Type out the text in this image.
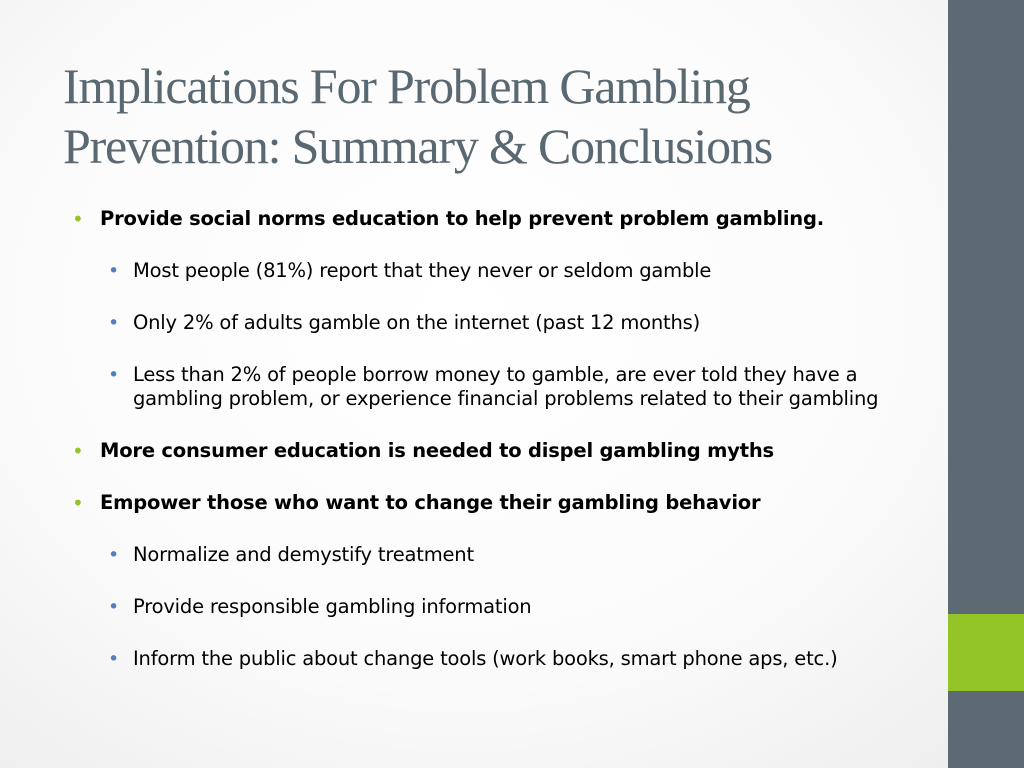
Implications For Problem Gambling
Prevention: Summary & Conclusions
• Provide social norms education to help prevent problem gambling.
• Most people (81%) report that they never or seldom gamble
• Only 2% of adults gamble on the internet (past 12 months)
• Less than 2% of people borrow money to gamble, are ever told they have a gambling problem, or experience financial problems related to their gambling
• More consumer education is needed to dispel gambling myths
• Empower those who want to change their gambling behavior
• Normalize and demystify treatment
• Provide responsible gambling information
• Inform the public about change tools (work books, smart phone aps, etc.)
